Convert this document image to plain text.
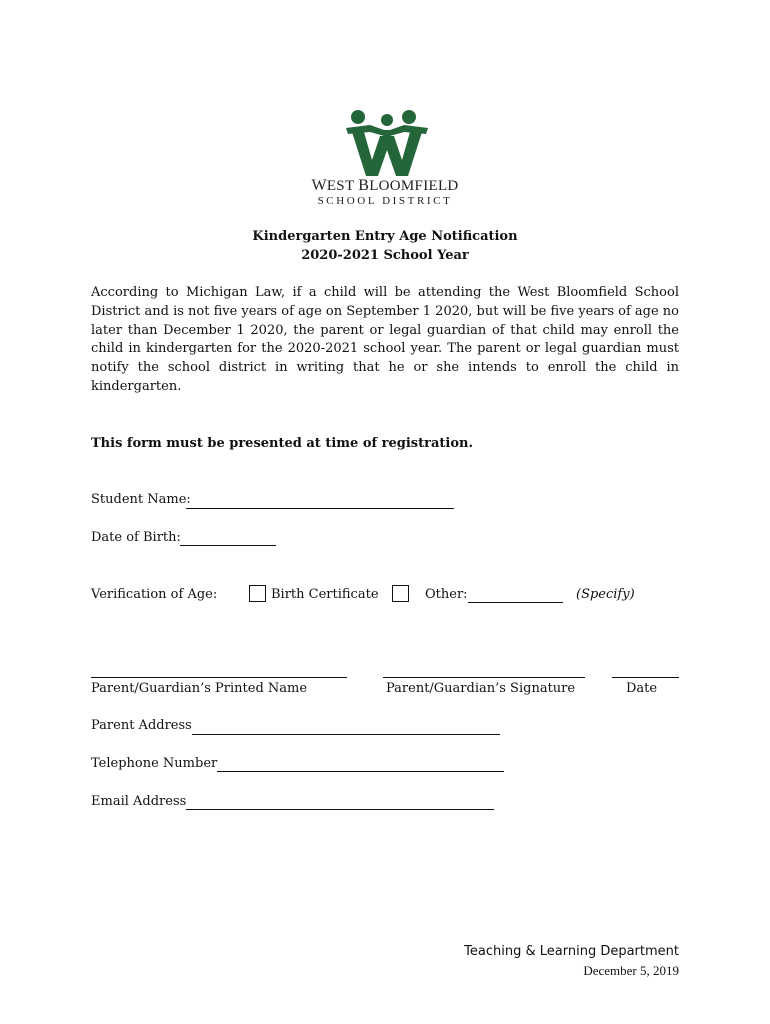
WEST BLOOMFIELD
SCHOOL DISTRICT
Kindergarten Entry Age Notification
2020-2021 School Year
According to Michigan Law, if a child will be attending the West Bloomfield School District and is not five years of age on September 1 2020, but will be five years of age no later than December 1 2020, the parent or legal guardian of that child may enroll the child in kindergarten for the 2020-2021 school year. The parent or legal guardian must notify the school district in writing that he or she intends to enroll the child in kindergarten.
This form must be presented at time of registration.
Student Name:
Date of Birth:
Verification of Age:	Birth Certificate	Other:	(Specify)
Parent/Guardian’s Printed Name	Parent/Guardian’s Signature	Date
Parent Address
Telephone Number
Email Address
Teaching & Learning Department
December 5, 2019
